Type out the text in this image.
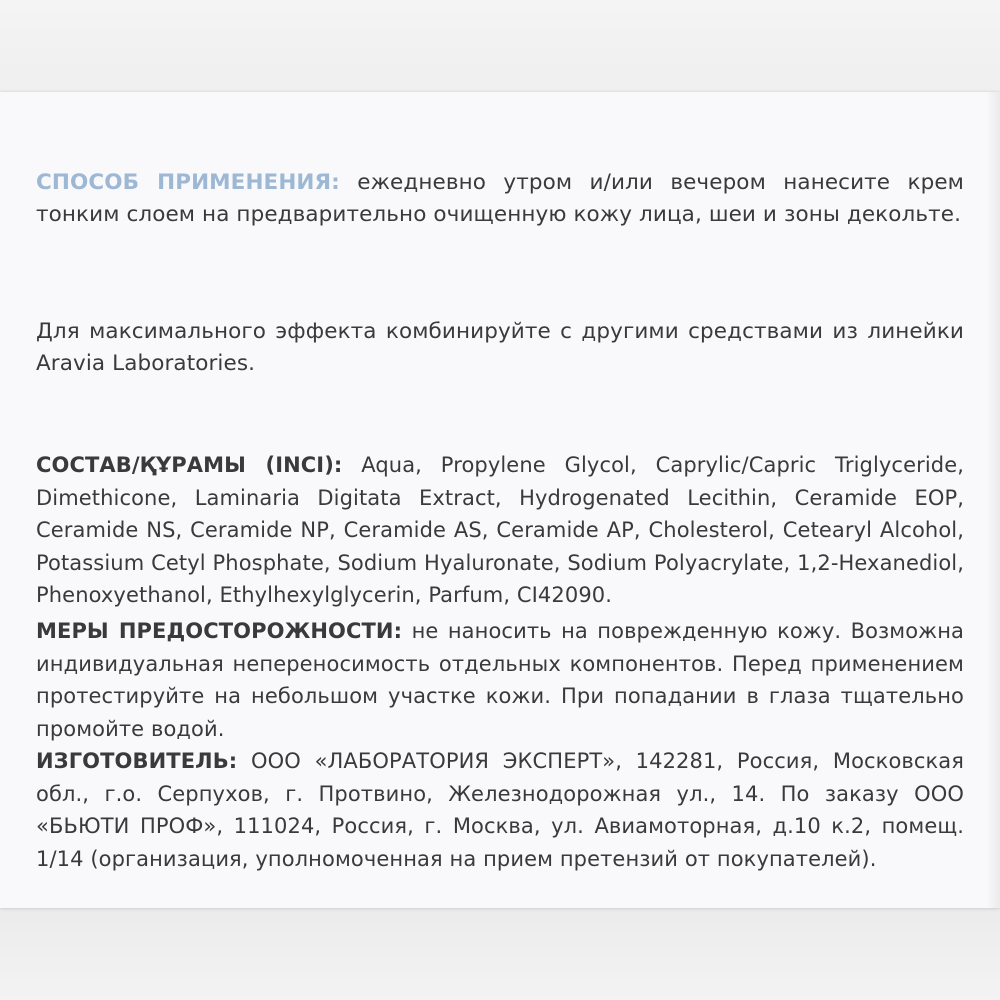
СПОСОБ ПРИМЕНЕНИЯ: ежедневно утром и/или вечером нанесите крем тонким слоем на предварительно очищенную кожу лица, шеи и зоны декольте.

Для максимального эффекта комбинируйте с другими средствами из линейки Aravia Laboratories.

СОСТАВ/ҚҰРАМЫ (INCI): Aqua, Propylene Glycol, Caprylic/Capric Triglyceride, Dimethicone, Laminaria Digitata Extract, Hydrogenated Lecithin, Ceramide EOP, Ceramide NS, Ceramide NP, Ceramide AS, Ceramide AP, Cholesterol, Cetearyl Alcohol, Potassium Cetyl Phosphate, Sodium Hyaluronate, Sodium Polyacrylate, 1,2-Hexanediol, Phenoxyethanol, Ethylhexylglycerin, Parfum, CI42090.

МЕРЫ ПРЕДОСТОРОЖНОСТИ: не наносить на поврежденную кожу. Возможна индивидуальная непереносимость отдельных компонентов. Перед применением протестируйте на небольшом участке кожи. При попадании в глаза тщательно промойте водой.

ИЗГОТОВИТЕЛЬ: ООО «ЛАБОРАТОРИЯ ЭКСПЕРТ», 142281, Россия, Московская обл., г.о. Серпухов, г. Протвино, Железнодорожная ул., 14. По заказу ООО «БЬЮТИ ПРОФ», 111024, Россия, г. Москва, ул. Авиамоторная, д.10 к.2, помещ. 1/14 (организация, уполномоченная на прием претензий от покупателей).
